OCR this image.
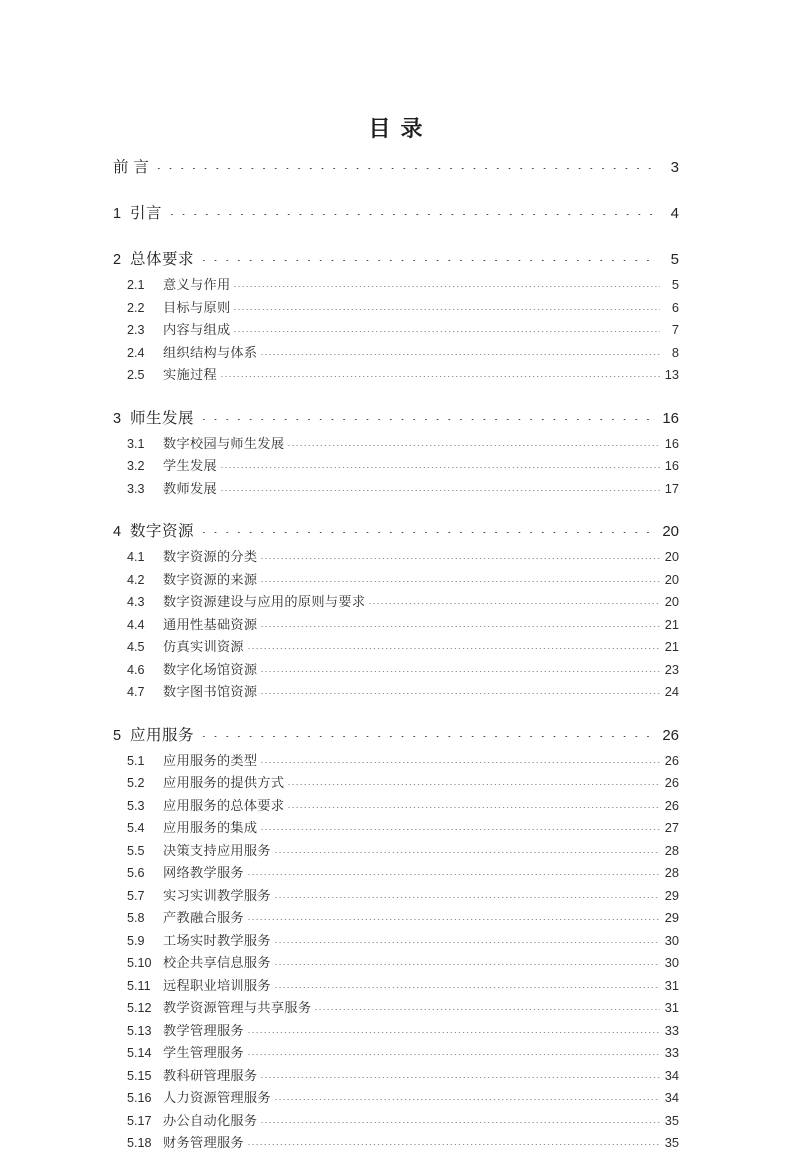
目 录
前 言	3
1 引言	4
2 总体要求	5
2.1	意义与作用	5
2.2	目标与原则	6
2.3	内容与组成	7
2.4	组织结构与体系	8
2.5	实施过程	13
3 师生发展	16
3.1	数字校园与师生发展	16
3.2	学生发展	16
3.3	教师发展	17
4 数字资源	20
4.1	数字资源的分类	20
4.2	数字资源的来源	20
4.3	数字资源建设与应用的原则与要求	20
4.4	通用性基础资源	21
4.5	仿真实训资源	21
4.6	数字化场馆资源	23
4.7	数字图书馆资源	24
5 应用服务	26
5.1	应用服务的类型	26
5.2	应用服务的提供方式	26
5.3	应用服务的总体要求	26
5.4	应用服务的集成	27
5.5	决策支持应用服务	28
5.6	网络教学服务	28
5.7	实习实训教学服务	29
5.8	产教融合服务	29
5.9	工场实时教学服务	30
5.10 校企共享信息服务	30
5.11 远程职业培训服务	31
5.12 教学资源管理与共享服务	31
5.13 教学管理服务	33
5.14 学生管理服务	33
5.15 教科研管理服务	34
5.16 人力资源管理服务	34
5.17 办公自动化服务	35
5.18 财务管理服务	35
